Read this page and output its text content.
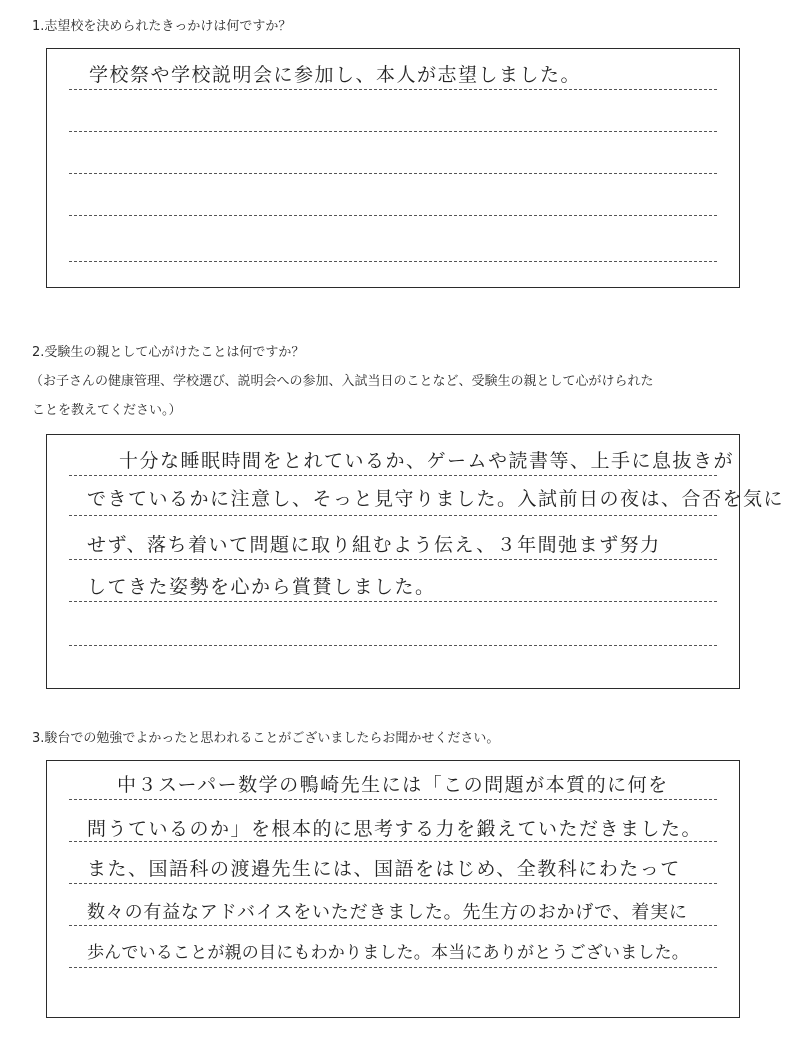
1.志望校を決められたきっかけは何ですか？
学校祭や学校説明会に参加し、本人が志望しました。
2.受験生の親として心がけたことは何ですか？
（お子さんの健康管理、学校選び、説明会への参加、入試当日のことなど、受験生の親として心がけられた
ことを教えてください。）
十分な睡眠時間をとれているか、ゲームや読書等、上手に息抜きが
できているかに注意し、そっと見守りました。入試前日の夜は、合否を気に
せず、落ち着いて問題に取り組むよう伝え、３年間弛まず努力
してきた姿勢を心から賞賛しました。
3.駿台での勉強でよかったと思われることがございましたらお聞かせください。
中３スーパー数学の鴨崎先生には「この問題が本質的に何を
問うているのか」を根本的に思考する力を鍛えていただきました。
また、国語科の渡邉先生には、国語をはじめ、全教科にわたって
数々の有益なアドバイスをいただきました。先生方のおかげで、着実に
歩んでいることが親の目にもわかりました。本当にありがとうございました。
